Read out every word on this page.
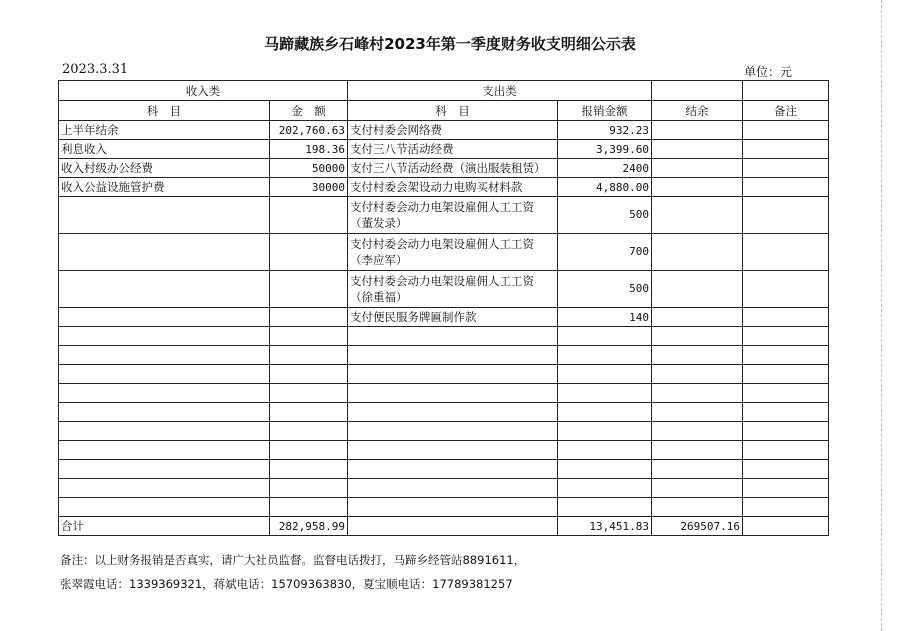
马蹄藏族乡石峰村2023年第一季度财务收支明细公示表
2023.3.31	单位：元
收入类		支出类			
科　目	金　额	科　目	报销金额	结余	备注
上半年结余	202,760.63	支付村委会网络费	932.23		
利息收入	198.36	支付三八节活动经费	3,399.60		
收入村级办公经费	50000	支付三八节活动经费（演出服装租赁）	2400		
收入公益设施管护费	30000	支付村委会架设动力电购买材料款	4,880.00		
		支付村委会动力电架设雇佣人工工资（董发录）	500		
		支付村委会动力电架设雇佣人工工资（李应军）	700		
		支付村委会动力电架设雇佣人工工资（徐重福）	500		
		支付便民服务牌匾制作款	140		

合计	282,958.99		13,451.83	269507.16	
备注：以上财务报销是否真实，请广大社员监督。监督电话拨打，马蹄乡经管站8891611，
张翠霞电话：1339369321，蒋斌电话：15709363830，夏宝顺电话：17789381257
